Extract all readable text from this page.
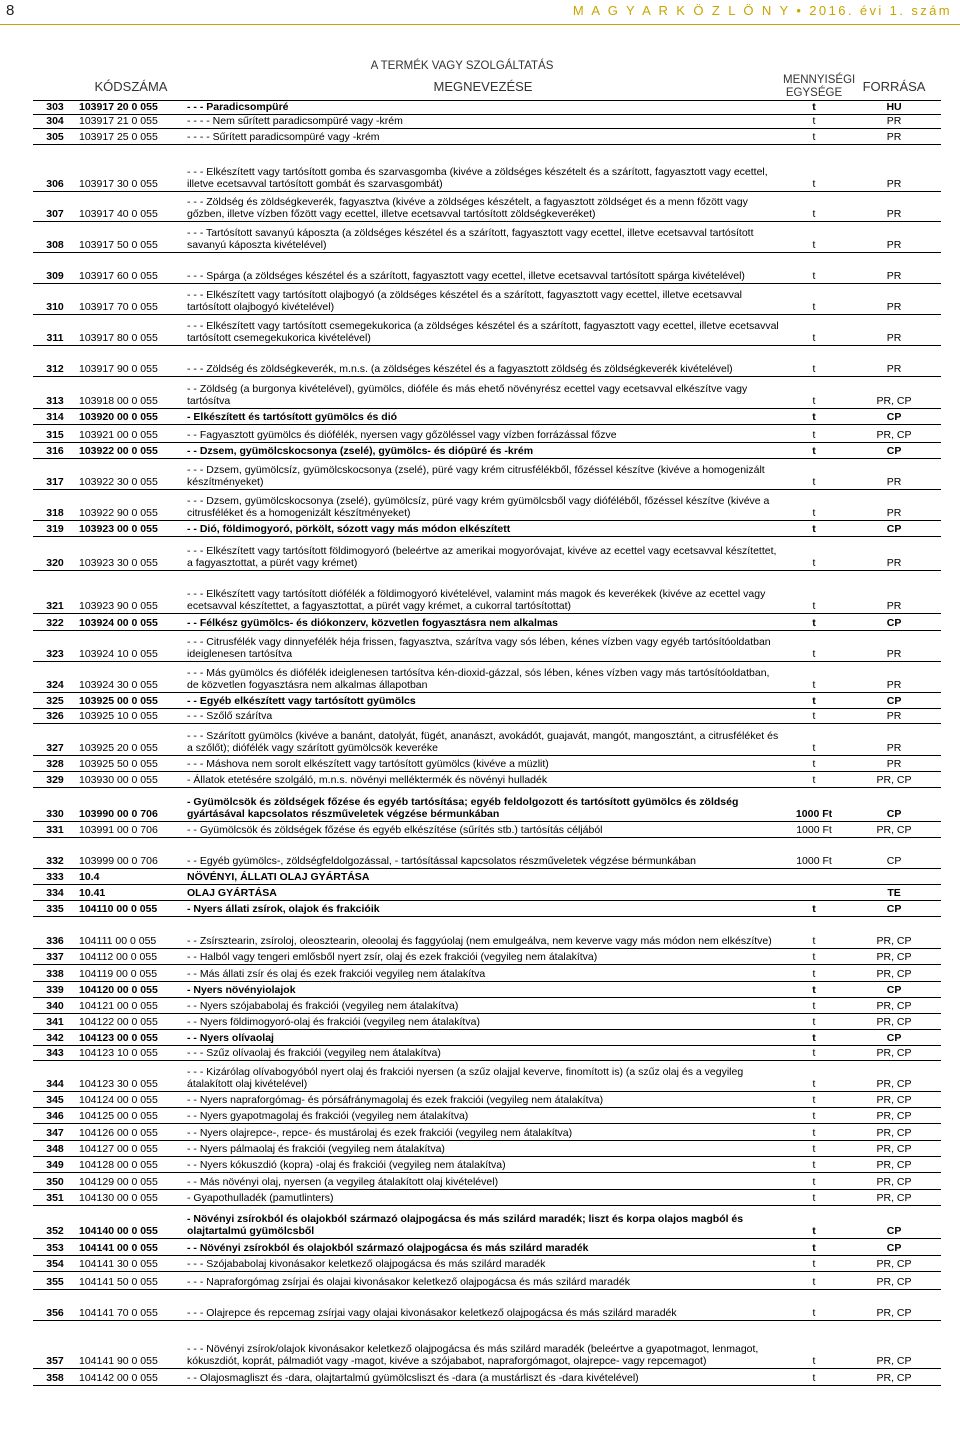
8	M A G Y A R K Ö Z L Ö N Y • 2016. évi 1. szám
	A TERMÉK VAGY SZOLGÁLTATÁS			
	KÓDSZÁMA	MEGNEVEZÉSE	MENNYISÉGI EGYSÉGE	FORRÁSA
303	103917 20 0 055	- - - Paradicsompüré	t	HU
304	103917 21 0 055	- - - - Nem sűrített paradicsompüré vagy -krém	t	PR
305	103917 25 0 055	- - - - Sűrített paradicsompüré vagy -krém	t	PR
306	103917 30 0 055	- - - Elkészített vagy tartósított gomba és szarvasgomba (kivéve a zöldséges készételt és a szárított, fagyasztott vagy ecettel, illetve ecetsavval tartósított gombát és szarvasgombát)	t	PR
307	103917 40 0 055	- - - Zöldség és zöldségkeverék, fagyasztva (kivéve a zöldséges készételt, a fagyasztott zöldséget és a menn főzött vagy gőzben, illetve vízben főzött vagy ecettel, illetve ecetsavval tartósított zöldségkeveréket)	t	PR
308	103917 50 0 055	- - - Tartósított savanyú káposzta (a zöldséges készétel és a szárított, fagyasztott vagy ecettel, illetve ecetsavval tartósított savanyú káposzta kivételével)	t	PR
309	103917 60 0 055	- - - Spárga (a zöldséges készétel és a szárított, fagyasztott vagy ecettel, illetve ecetsavval tartósított spárga kivételével)	t	PR
310	103917 70 0 055	- - - Elkészített vagy tartósított olajbogyó (a zöldséges készétel és a szárított, fagyasztott vagy ecettel, illetve ecetsavval tartósított olajbogyó kivételével)	t	PR
311	103917 80 0 055	- - - Elkészített vagy tartósított csemegekukorica (a zöldséges készétel és a szárított, fagyasztott vagy ecettel, illetve ecetsavval tartósított csemegekukorica kivételével)	t	PR
312	103917 90 0 055	- - - Zöldség és zöldségkeverék, m.n.s. (a zöldséges készétel és a fagyasztott zöldség és zöldségkeverék kivételével)	t	PR
313	103918 00 0 055	- - Zöldség (a burgonya kivételével), gyümölcs, dióféle és más ehető növényrész ecettel vagy ecetsavval elkészítve vagy tartósítva	t	PR, CP
314	103920 00 0 055	- Elkészített és tartósított gyümölcs és dió	t	CP
315	103921 00 0 055	- - Fagyasztott gyümölcs és diófélék, nyersen vagy gőzöléssel vagy vízben forrázással főzve	t	PR, CP
316	103922 00 0 055	- - Dzsem, gyümölcskocsonya (zselé), gyümölcs- és diópüré és -krém	t	CP
317	103922 30 0 055	- - - Dzsem, gyümölcsíz, gyümölcskocsonya (zselé), püré vagy krém citrusfélékből, főzéssel készítve (kivéve a homogenizált készítményeket)	t	PR
318	103922 90 0 055	- - - Dzsem, gyümölcskocsonya (zselé), gyümölcsíz, püré vagy krém gyümölcsből vagy dióféléből, főzéssel készítve (kivéve a citrusféléket és a homogenizált készítményeket)	t	PR
319	103923 00 0 055	- - Dió, földimogyoró, pörkölt, sózott vagy más módon elkészített	t	CP
320	103923 30 0 055	- - - Elkészített vagy tartósított földimogyoró (beleértve az amerikai mogyoróvajat, kivéve az ecettel vagy ecetsavval készítettet, a fagyasztottat, a pürét vagy krémet)	t	PR
321	103923 90 0 055	- - - Elkészített vagy tartósított diófélék a földimogyoró kivételével, valamint más magok és keverékek (kivéve az ecettel vagy ecetsavval készítettet, a fagyasztottat, a pürét vagy krémet, a cukorral tartósítottat)	t	PR
322	103924 00 0 055	- - Félkész gyümölcs- és diókonzerv, közvetlen fogyasztásra nem alkalmas	t	CP
323	103924 10 0 055	- - - Citrusfélék vagy dinnyefélék héja frissen, fagyasztva, szárítva vagy sós lében, kénes vízben vagy egyéb tartósítóoldatban ideiglenesen tartósítva	t	PR
324	103924 30 0 055	- - - Más gyümölcs és diófélék ideiglenesen tartósítva kén-dioxid-gázzal, sós lében, kénes vízben vagy más tartósítóoldatban, de közvetlen fogyasztásra nem alkalmas állapotban	t	PR
325	103925 00 0 055	- - Egyéb elkészített vagy tartósított gyümölcs	t	CP
326	103925 10 0 055	- - - Szőlő szárítva	t	PR
327	103925 20 0 055	- - - Szárított gyümölcs (kivéve a banánt, datolyát, fügét, ananászt, avokádót, guajavát, mangót, mangosztánt, a citrusféléket és a szőlőt); diófélék vagy szárított gyümölcsök keveréke	t	PR
328	103925 50 0 055	- - - Máshova nem sorolt elkészített vagy tartósított gyümölcs (kivéve a müzlit)	t	PR
329	103930 00 0 055	- Állatok etetésére szolgáló, m.n.s. növényi melléktermék és növényi hulladék	t	PR, CP
330	103990 00 0 706	- Gyümölcsök és zöldségek főzése és egyéb tartósítása; egyéb feldolgozott és tartósított gyümölcs és zöldség gyártásával kapcsolatos részműveletek végzése bérmunkában	1000 Ft	CP
331	103991 00 0 706	- - Gyümölcsök és zöldségek főzése és egyéb elkészítése (sűrítés stb.) tartósítás céljából	1000 Ft	PR, CP
332	103999 00 0 706	- - Egyéb gyümölcs-, zöldségfeldolgozással, - tartósítással kapcsolatos részműveletek végzése bérmunkában	1000 Ft	CP
333	10.4	NÖVÉNYI, ÁLLATI OLAJ GYÁRTÁSA		
334	10.41	OLAJ GYÁRTÁSA		TE
335	104110 00 0 055	- Nyers állati zsírok, olajok és frakcióik	t	CP
336	104111 00 0 055	- - Zsírsztearin, zsíroloj, oleosztearin, oleoolaj és faggyúolaj (nem emulgeálva, nem keverve vagy más módon nem elkészítve)	t	PR, CP
337	104112 00 0 055	- - Halból vagy tengeri emlősből nyert zsír, olaj és ezek frakciói (vegyileg nem átalakítva)	t	PR, CP
338	104119 00 0 055	- - Más állati zsír és olaj és ezek frakciói vegyileg nem átalakítva	t	PR, CP
339	104120 00 0 055	- Nyers növényiolajok	t	CP
340	104121 00 0 055	- - Nyers szójababolaj és frakciói (vegyileg nem átalakítva)	t	PR, CP
341	104122 00 0 055	- - Nyers földimogyoró-olaj és frakciói (vegyileg nem átalakítva)	t	PR, CP
342	104123 00 0 055	- - Nyers olívaolaj	t	CP
343	104123 10 0 055	- - - Szűz olívaolaj és frakciói (vegyileg nem átalakítva)	t	PR, CP
344	104123 30 0 055	- - - Kizárólag olívabogyóból nyert olaj és frakciói nyersen (a szűz olajjal keverve, finomított is) (a szűz olaj és a vegyileg átalakított olaj kivételével)	t	PR, CP
345	104124 00 0 055	- - Nyers napraforgómag- és pórsáfránymagolaj és ezek frakciói (vegyileg nem átalakítva)	t	PR, CP
346	104125 00 0 055	- - Nyers gyapotmagolaj és frakciói (vegyileg nem átalakítva)	t	PR, CP
347	104126 00 0 055	- - Nyers olajrepce-, repce- és mustárolaj és ezek frakciói (vegyileg nem átalakítva)	t	PR, CP
348	104127 00 0 055	- - Nyers pálmaolaj és frakciói (vegyileg nem átalakítva)	t	PR, CP
349	104128 00 0 055	- - Nyers kókuszdió (kopra) -olaj és frakciói (vegyileg nem átalakítva)	t	PR, CP
350	104129 00 0 055	- - Más növényi olaj, nyersen (a vegyileg átalakított olaj kivételével)	t	PR, CP
351	104130 00 0 055	- Gyapothulladék (pamutlinters)	t	PR, CP
352	104140 00 0 055	- Növényi zsírokból és olajokból származó olajpogácsa és más szilárd maradék; liszt és korpa olajos magból és olajtartalmú gyümölcsből	t	CP
353	104141 00 0 055	- - Növényi zsírokból és olajokból származó olajpogácsa és más szilárd maradék	t	CP
354	104141 30 0 055	- - - Szójababolaj kivonásakor keletkező olajpogácsa és más szilárd maradék	t	PR, CP
355	104141 50 0 055	- - - Napraforgómag zsírjai és olajai kivonásakor keletkező olajpogácsa és más szilárd maradék	t	PR, CP
356	104141 70 0 055	- - - Olajrepce és repcemag zsírjai vagy olajai kivonásakor keletkező olajpogácsa és más szilárd maradék	t	PR, CP
357	104141 90 0 055	- - - Növényi zsírok/olajok kivonásakor keletkező olajpogácsa és más szilárd maradék (beleértve a gyapotmagot, lenmagot, kókuszdiót, koprát, pálmadiót vagy -magot, kivéve a szójababot, napraforgómagot, olajrepce- vagy repcemagot)	t	PR, CP
358	104142 00 0 055	- - Olajosmagliszt és -dara, olajtartalmú gyümölcsliszt és -dara (a mustárliszt és -dara kivételével)	t	PR, CP
